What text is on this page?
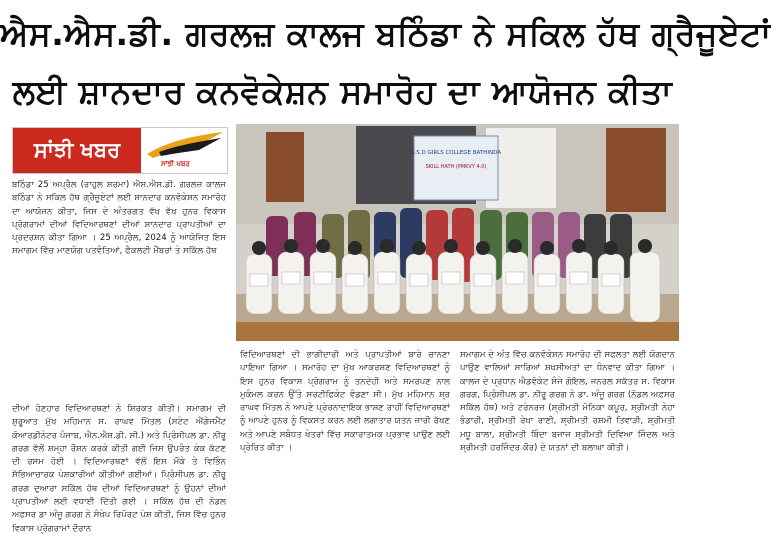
ਐਸ.ਐਸ.ਡੀ. ਗਰਲਜ਼ ਕਾਲਜ ਬਠਿੰਡਾ ਨੇ ਸਕਿਲ ਹੱਥ ਗ੍ਰੈਜੂਏਟਾਂ
ਲਈ ਸ਼ਾਨਦਾਰ ਕਨਵੋਕੇਸ਼ਨ ਸਮਾਰੋਹ ਦਾ ਆਯੋਜਨ ਕੀਤਾ
ਸਾਂਝੀ ਖਬਰ
ਸਾਂਝੀ ਖਬਰ
S.S.D GIRLS COLLEGE BATHINDA
SKILL HATH (PMKVY 4.0)
ਬਠਿੰਡਾ 25 ਅਪ੍ਰੈਲ (ਰਾਹੁਲ ਸ਼ਰਮਾ) ਐਸ.ਐਸ.ਡੀ. ਗਰਲਜ਼ ਕਾਲਜ ਬਠਿੰਡਾ ਨੇ ਸਕਿਲ ਹੱਥ ਗ੍ਰੈਜੂਏਟਾਂ ਲਈ ਸ਼ਾਨਦਾਰ ਕਨਵੋਕੇਸ਼ਨ ਸਮਾਰੋਹ ਦਾ ਆਯੋਜਨ ਕੀਤਾ, ਜਿਸ ਦੇ ਅੰਤਰਗਤ ਵੱਖ ਵੱਖ ਹੁਨਰ ਵਿਕਾਸ ਪ੍ਰੋਗਰਾਮਾਂ ਦੀਆਂ ਵਿਦਿਆਰਥਣਾਂ ਦੀਆਂ ਸ਼ਾਨਦਾਰ ਪ੍ਰਾਪਤੀਆਂ ਦਾ ਪ੍ਰਦਰਸ਼ਨ ਕੀਤਾ ਗਿਆ । 25 ਅਪ੍ਰੈਲ, 2024 ਨੂੰ ਆਯੋਜਿਤ ਇਸ ਸਮਾਗਮ ਵਿੱਚ ਮਾਣਯੋਗ ਪਤਵੰਤਿਆਂ, ਫੈਕਲਟੀ ਮੈਂਬਰਾਂ ਤੇ ਸਕਿੱਲ ਹੱਥ
ਦੀਆਂ ਹੋਣਹਾਰ ਵਿਦਿਆਰਥਣਾਂ ਨੇ ਸ਼ਿਰਕਤ ਕੀਤੀ। ਸਮਾਗਮ ਦੀ ਸ਼ੁਰੂਆਤ ਮੁੱਖ ਮਹਿਮਾਨ ਸ. ਰਾਘਵ ਮਿੱਤਲ (ਸਟੇਟ ਐਂਗੇਜਮੈਂਟ ਕੋਆਰਡੀਨੇਟਰ ਪੰਜਾਬ, ਐਨ.ਐਸ.ਡੀ. ਸੀ.) ਅਤੇ ਪ੍ਰਿੰਸੀਪਲ ਡਾ. ਨੀਰੂ ਗਰਗ ਵੱਲੋਂ ਸ਼ਮ੍ਹਾ ਰੌਸ਼ਨ ਕਰਕੇ ਕੀਤੀ ਗਈ ਜਿਸ ਉਪਰੰਤ ਕੇਕ ਕੱਟਣ ਦੀ ਰਸਮ ਹੋਈ । ਵਿਦਿਆਰਥਣਾਂ ਵੱਲੋਂ ਇਸ ਮੌਕੇ ਤੇ ਵਿਭਿੰਨ ਸੱਭਿਆਚਾਰਕ ਪੇਸ਼ਕਾਰੀਆਂ ਕੀਤੀਆਂ ਗਈਆਂ। ਪ੍ਰਿੰਸੀਪਲ ਡਾ. ਨੀਰੂ ਗਰਗ ਦੁਆਰਾ ਸਕਿੱਲ ਹੱਥ ਦੀਆਂ ਵਿਦਿਆਰਥਣਾਂ ਨੂੰ ਉਹਨਾਂ ਦੀਆਂ ਪ੍ਰਾਪਤੀਆਂ ਲਈ ਵਧਾਈ ਦਿੱਤੀ ਗਈ । ਸਕਿੱਲ ਹੱਥ ਦੀ ਨੋਡਲ ਅਫ਼ਸਰ ਡਾ ਅੰਜੂ ਗਰਗ ਨੇ ਸੰਖੇਪ ਰਿਪੋਰਟ ਪੇਸ਼ ਕੀਤੀ, ਜਿਸ ਵਿੱਚ ਹੁਨਰ ਵਿਕਾਸ ਪ੍ਰੋਗਰਾਮਾਂ ਦੌਰਾਨ
ਵਿਦਿਆਰਥਣਾਂ ਦੀ ਭਾਗੀਦਾਰੀ ਅਤੇ ਪ੍ਰਾਪਤੀਆਂ ਬਾਰੇ ਚਾਨਣਾ ਪਾਇਆ ਗਿਆ । ਸਮਾਰੋਹ ਦਾ ਮੁੱਖ ਆਕਰਸ਼ਣ ਵਿਦਿਆਰਥਣਾਂ ਨੂੰ ਇਸ ਹੁਨਰ ਵਿਕਾਸ ਪ੍ਰੋਗਰਾਮ ਨੂੰ ਤਨਦੇਹੀ ਅਤੇ ਸਮਰਪਣ ਨਾਲ ਮੁਕੰਮਲ ਕਰਨ ਉੱਤੇ ਸਰਟੀਫਿਕੇਟ ਵੰਡਣਾ ਸੀ। ਮੁੱਖ ਮਹਿਮਾਨ ਸ਼੍ਰ ਰਾਘਵ ਮਿੱਤਲ ਨੇ ਆਪਣੇ ਪ੍ਰੇਰਨਾਦਾਇਕ ਭਾਸ਼ਣ ਰਾਹੀਂ ਵਿਦਿਆਰਥਣਾਂ ਨੂੰ ਆਪਣੇ ਹੁਨਰ ਨੂੰ ਵਿਕਸਤ ਕਰਨ ਲਈ ਲਗਾਤਾਰ ਯਤਨ ਜਾਰੀ ਰੱਖਣ ਅਤੇ ਆਪਣੇ ਸਬੰਧਤ ਖੇਤਰਾਂ ਵਿੱਚ ਸਕਾਰਾਤਮਕ ਪ੍ਰਭਾਵ ਪਾਉਣ ਲਈ ਪ੍ਰੇਰਿਤ ਕੀਤਾ ।
ਸਮਾਗਮ ਦੇ ਅੰਤ ਵਿੱਚ ਕਨਵੋਕੇਸ਼ਨ ਸਮਾਰੋਹ ਦੀ ਸਫਲਤਾ ਲਈ ਯੋਗਦਾਨ ਪਾਉਣ ਵਾਲਿਆਂ ਸਾਰਿਆਂ ਸ਼ਖਸੀਅਤਾਂ ਦਾ ਧੰਨਵਾਦ ਕੀਤਾ ਗਿਆ । ਕਾਲਜ ਦੇ ਪ੍ਰਧਾਨ ਐਡਵੋਕੇਟ ਸੰਜੇ ਗੋਇਲ, ਜਨਰਲ ਸਕੱਤਰ ਸ. ਵਿਕਾਸ ਗਰਗ, ਪ੍ਰਿੰਸੀਪਲ ਡਾ. ਨੀਰੂ ਗਰਗ ਨੇ ਡਾ. ਅੰਜੂ ਗਰਗ (ਨੋਡਲ ਅਫ਼ਸਰ ਸਕਿੱਲ ਹੱਥ) ਅਤੇ ਟਰੇਨਰਜ਼ (ਸ਼੍ਰੀਮਤੀ ਮੋਨਿਕਾ ਕਪੂਰ, ਸ਼੍ਰੀਮਤੀ ਨੇਹਾ ਭੰਡਾਰੀ, ਸ਼੍ਰੀਮਤੀ ਰੇਖਾ ਰਾਣੀ, ਸ਼੍ਰੀਮਤੀ ਰਸ਼ਮੀ ਤਿਵਾੜੀ, ਸ਼੍ਰੀਮਤੀ ਮਧੂ ਬਾਲਾ, ਸ਼੍ਰੀਮਤੀ ਬਿੰਦਾ ਬਜਾਜ ਸ਼੍ਰੀਮਤੀ ਦਿਵਿਆ ਜਿੰਦਲ ਅਤੇ ਸ਼੍ਰੀਮਤੀ ਹਰਜਿੰਦਰ ਕੌਰ) ਦੇ ਯਤਨਾਂ ਦੀ ਬਲਾਘਾ ਕੀਤੀ।
